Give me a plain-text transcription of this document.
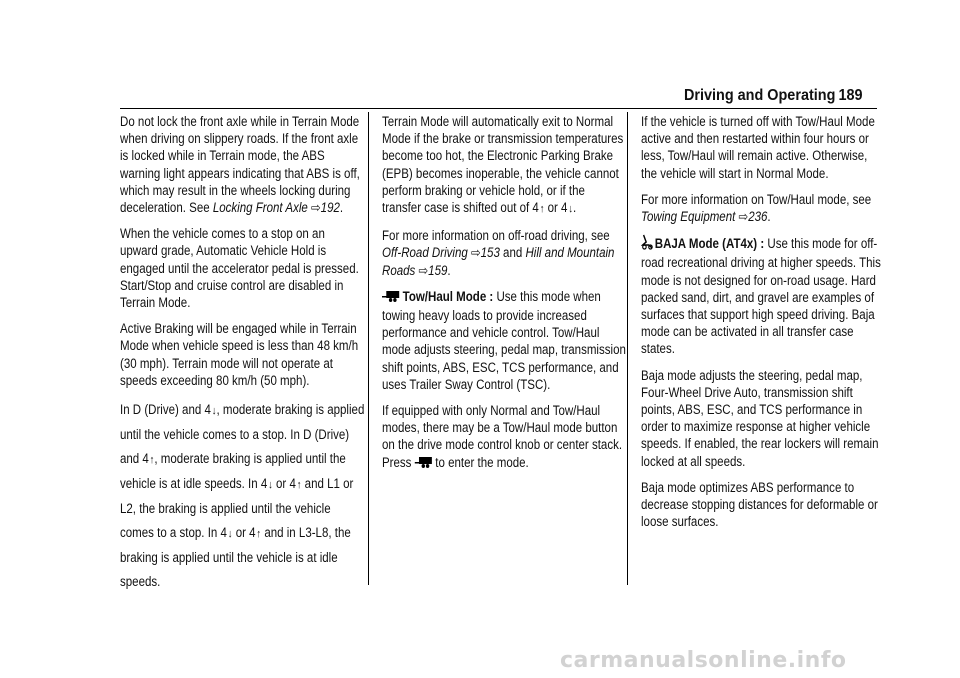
Driving and Operating 189

Do not lock the front axle while in Terrain Mode when driving on slippery roads. If the front axle is locked while in Terrain mode, the ABS warning light appears indicating that ABS is off, which may result in the wheels locking during deceleration. See Locking Front Axle ⇨192.

When the vehicle comes to a stop on an upward grade, Automatic Vehicle Hold is engaged until the accelerator pedal is pressed. Start/Stop and cruise control are disabled in Terrain Mode.

Active Braking will be engaged while in Terrain Mode when vehicle speed is less than 48 km/h (30 mph). Terrain mode will not operate at speeds exceeding 80 km/h (50 mph).

In D (Drive) and 4↓, moderate braking is applied until the vehicle comes to a stop. In D (Drive) and 4↑, moderate braking is applied until the vehicle is at idle speeds. In 4↓ or 4↑ and L1 or L2, the braking is applied until the vehicle comes to a stop. In 4↓ or 4↑ and in L3-L8, the braking is applied until the vehicle is at idle speeds.

Terrain Mode will automatically exit to Normal Mode if the brake or transmission temperatures become too hot, the Electronic Parking Brake (EPB) becomes inoperable, the vehicle cannot perform braking or vehicle hold, or if the transfer case is shifted out of 4↑ or 4↓.

For more information on off-road driving, see Off-Road Driving ⇨153 and Hill and Mountain Roads ⇨159.

Tow/Haul Mode : Use this mode when towing heavy loads to provide increased performance and vehicle control. Tow/Haul mode adjusts steering, pedal map, transmission shift points, ABS, ESC, TCS performance, and uses Trailer Sway Control (TSC).

If equipped with only Normal and Tow/Haul modes, there may be a Tow/Haul mode button on the drive mode control knob or center stack. Press to enter the mode.

If the vehicle is turned off with Tow/Haul Mode active and then restarted within four hours or less, Tow/Haul will remain active. Otherwise, the vehicle will start in Normal Mode.

For more information on Tow/Haul mode, see Towing Equipment ⇨236.

BAJA Mode (AT4x) : Use this mode for off-road recreational driving at higher speeds. This mode is not designed for on-road usage. Hard packed sand, dirt, and gravel are examples of surfaces that support high speed driving. Baja mode can be activated in all transfer case states.

Baja mode adjusts the steering, pedal map, Four-Wheel Drive Auto, transmission shift points, ABS, ESC, and TCS performance in order to maximize response at higher vehicle speeds. If enabled, the rear lockers will remain locked at all speeds.

Baja mode optimizes ABS performance to decrease stopping distances for deformable or loose surfaces.

carmanualsonline.info
